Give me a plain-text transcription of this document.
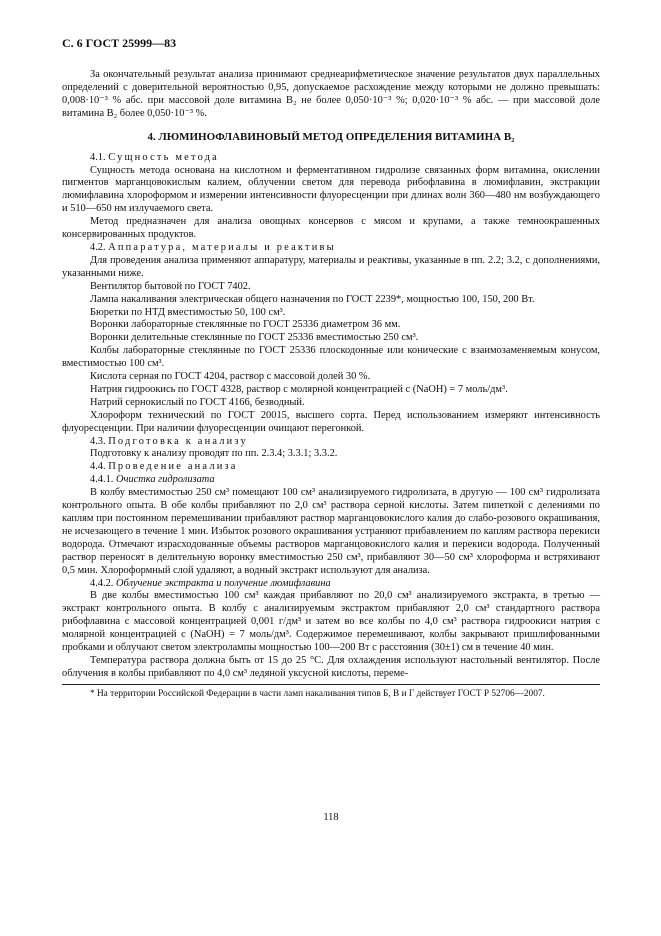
С. 6 ГОСТ 25999—83

За окончательный результат анализа принимают среднеарифметическое значение результатов двух параллельных определений с доверительной вероятностью 0,95, допускаемое расхождение между которыми не должно превышать: 0,008·10⁻³ % абс. при массовой доле витамина B₂ не более 0,050·10⁻³ %; 0,020·10⁻³ % абс. — при массовой доле витамина B₂ более 0,050·10⁻³ %.

4. ЛЮМИНОФЛАВИНОВЫЙ МЕТОД ОПРЕДЕЛЕНИЯ ВИТАМИНА B₂

4.1. Сущность метода

Сущность метода основана на кислотном и ферментативном гидролизе связанных форм витамина, окислении пигментов марганцовокислым калием, облучении светом для перевода рибофлавина в люмифлавин, экстракции люмифлавина хлороформом и измерении интенсивности флуоресценции при длинах волн 360—480 нм возбуждающего и 510—650 нм излучаемого света.

Метод предназначен для анализа овощных консервов с мясом и крупами, а также темноокрашенных консервированных продуктов.

4.2. Аппаратура, материалы и реактивы

Для проведения анализа применяют аппаратуру, материалы и реактивы, указанные в пп. 2.2; 3.2, с дополнениями, указанными ниже.

Вентилятор бытовой по ГОСТ 7402.

Лампа накаливания электрическая общего назначения по ГОСТ 2239*, мощностью 100, 150, 200 Вт.

Бюретки по НТД вместимостью 50, 100 см³.

Воронки лабораторные стеклянные по ГОСТ 25336 диаметром 36 мм.

Воронки делительные стеклянные по ГОСТ 25336 вместимостью 250 см³.

Колбы лабораторные стеклянные по ГОСТ 25336 плоскодонные или конические с взаимозаменяемым конусом, вместимостью 100 см³.

Кислота серная по ГОСТ 4204, раствор с массовой долей 30 %.

Натрия гидроокись по ГОСТ 4328, раствор с молярной концентрацией c (NaOH) = 7 моль/дм³.

Натрий сернокислый по ГОСТ 4166, безводный.

Хлороформ технический по ГОСТ 20015, высшего сорта. Перед использованием измеряют интенсивность флуоресценции. При наличии флуоресценции очищают перегонкой.

4.3. Подготовка к анализу

Подготовку к анализу проводят по пп. 2.3.4; 3.3.1; 3.3.2.

4.4. Проведение анализа

4.4.1. Очистка гидролизата

В колбу вместимостью 250 см³ помещают 100 см³ анализируемого гидролизата, в другую — 100 см³ гидролизата контрольного опыта. В обе колбы прибавляют по 2,0 см³ раствора серной кислоты. Затем пипеткой с делениями по каплям при постоянном перемешивании прибавляют раствор марганцовокислого калия до слабо-розового окрашивания, не исчезающего в течение 1 мин. Избыток розового окрашивания устраняют прибавлением по каплям раствора перекиси водорода. Отмечают израсходованные объемы растворов марганцовокислого калия и перекиси водорода. Полученный раствор переносят в делительную воронку вместимостью 250 см³, прибавляют 30—50 см³ хлороформа и встряхивают 0,5 мин. Хлороформный слой удаляют, а водный экстракт используют для анализа.

4.4.2. Облучение экстракта и получение люмифлавина

В две колбы вместимостью 100 см³ каждая прибавляют по 20,0 см³ анализируемого экстракта, в третью — экстракт контрольного опыта. В колбу с анализируемым экстрактом прибавляют 2,0 см³ стандартного раствора рибофлавина с массовой концентрацией 0,001 г/дм³ и затем во все колбы по 4,0 см³ раствора гидроокиси натрия с молярной концентрацией c (NaOH) = 7 моль/дм³. Содержимое перемешивают, колбы закрывают пришлифованными пробками и облучают светом электролампы мощностью 100—200 Вт с расстояния (30±1) см в течение 40 мин.

Температура раствора должна быть от 15 до 25 °С. Для охлаждения используют настольный вентилятор. После облучения в колбы прибавляют по 4,0 см³ ледяной уксусной кислоты, переме-

* На территории Российской Федерации в части ламп накаливания типов Б, В и Г действует ГОСТ Р 52706—2007.

118
